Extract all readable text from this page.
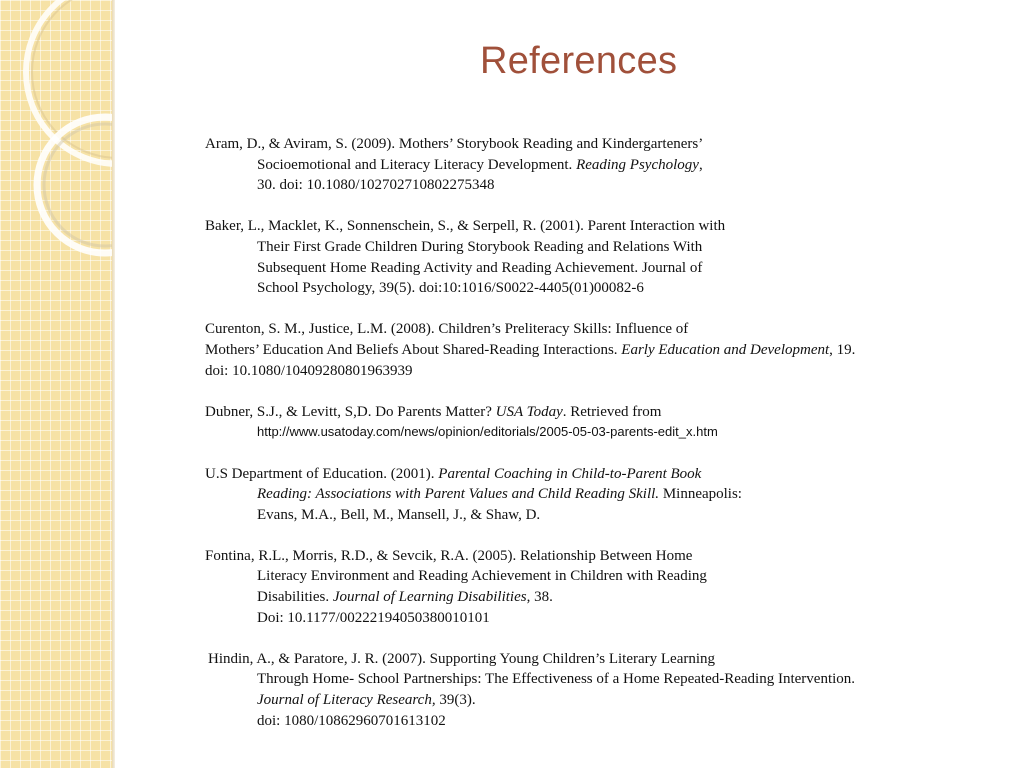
References
Aram, D., & Aviram, S. (2009). Mothers’ Storybook Reading and Kindergarteners’
Socioemotional and Literacy Literacy Development. Reading Psychology,
30. doi: 10.1080/102702710802275348
Baker, L., Macklet, K., Sonnenschein, S., & Serpell, R. (2001). Parent Interaction with
Their First Grade Children During Storybook Reading and Relations With
Subsequent Home Reading Activity and Reading Achievement. Journal of
School Psychology, 39(5). doi:10:1016/S0022-4405(01)00082-6
Curenton, S. M., Justice, L.M. (2008). Children’s Preliteracy Skills: Influence of
Mothers’ Education And Beliefs About Shared-Reading Interactions. Early Education and Development, 19.
doi: 10.1080/10409280801963939
Dubner, S.J., & Levitt, S,D. Do Parents Matter? USA Today. Retrieved from
http://www.usatoday.com/news/opinion/editorials/2005-05-03-parents-edit_x.htm
U.S Department of Education. (2001). Parental Coaching in Child-to-Parent Book
Reading: Associations with Parent Values and Child Reading Skill. Minneapolis:
Evans, M.A., Bell, M., Mansell, J., & Shaw, D.
Fontina, R.L., Morris, R.D., & Sevcik, R.A. (2005). Relationship Between Home
Literacy Environment and Reading Achievement in Children with Reading
Disabilities. Journal of Learning Disabilities, 38.
Doi: 10.1177/00222194050380010101
Hindin, A., & Paratore, J. R. (2007). Supporting Young Children’s Literary Learning
Through Home- School Partnerships: The Effectiveness of a Home Repeated-Reading Intervention.
Journal of Literacy Research, 39(3).
doi: 1080/10862960701613102
